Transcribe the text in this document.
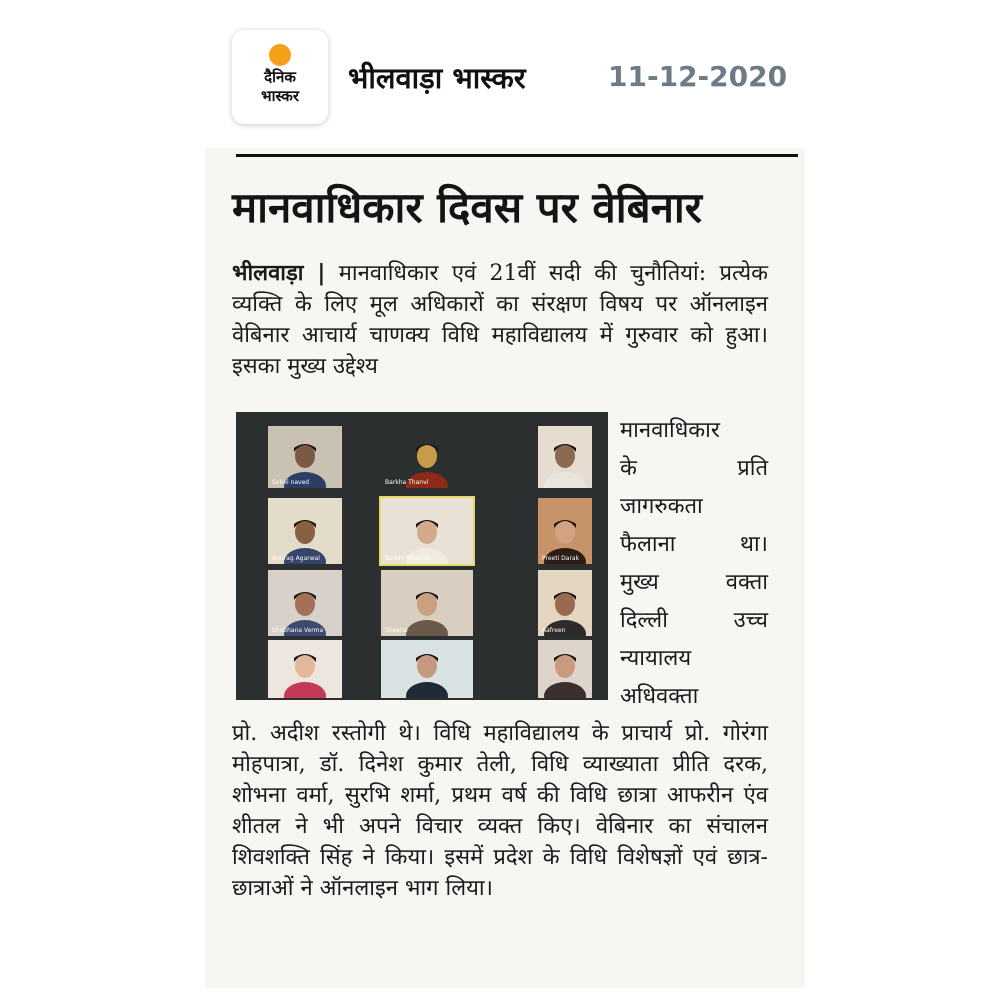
दैनिक
भास्कर
भीलवाड़ा भास्कर	11-12-2020
मानवाधिकार दिवस पर वेबिनार
भीलवाड़ा | मानवाधिकार एवं 21वीं सदी की चुनौतियां: प्रत्येक व्यक्ति के लिए मूल अधिकारों का संरक्षण विषय पर ऑनलाइन वेबिनार आचार्य चाणक्य विधि महाविद्यालय में गुरुवार को हुआ। इसका मुख्य उद्देश्य
Sohel naved	Barkha Thanvi
Anurag Agarwal	Surbhi Sharma	Preeti Darak
Shobhana Verma	Sheetal	Aafreen
मानवाधिकार
के प्रति
जागरुकता
फैलाना था।
मुख्य वक्ता
दिल्ली उच्च
न्यायालय
अधिवक्ता
प्रो. अदीश रस्तोगी थे। विधि महाविद्यालय के प्राचार्य प्रो. गोरंगा मोहपात्रा, डॉ. दिनेश कुमार तेली, विधि व्याख्याता प्रीति दरक, शोभना वर्मा, सुरभि शर्मा, प्रथम वर्ष की विधि छात्रा आफरीन एंव शीतल ने भी अपने विचार व्यक्त किए। वेबिनार का संचालन शिवशक्ति सिंह ने किया। इसमें प्रदेश के विधि विशेषज्ञों एवं छात्र-छात्राओं ने ऑनलाइन भाग लिया।
